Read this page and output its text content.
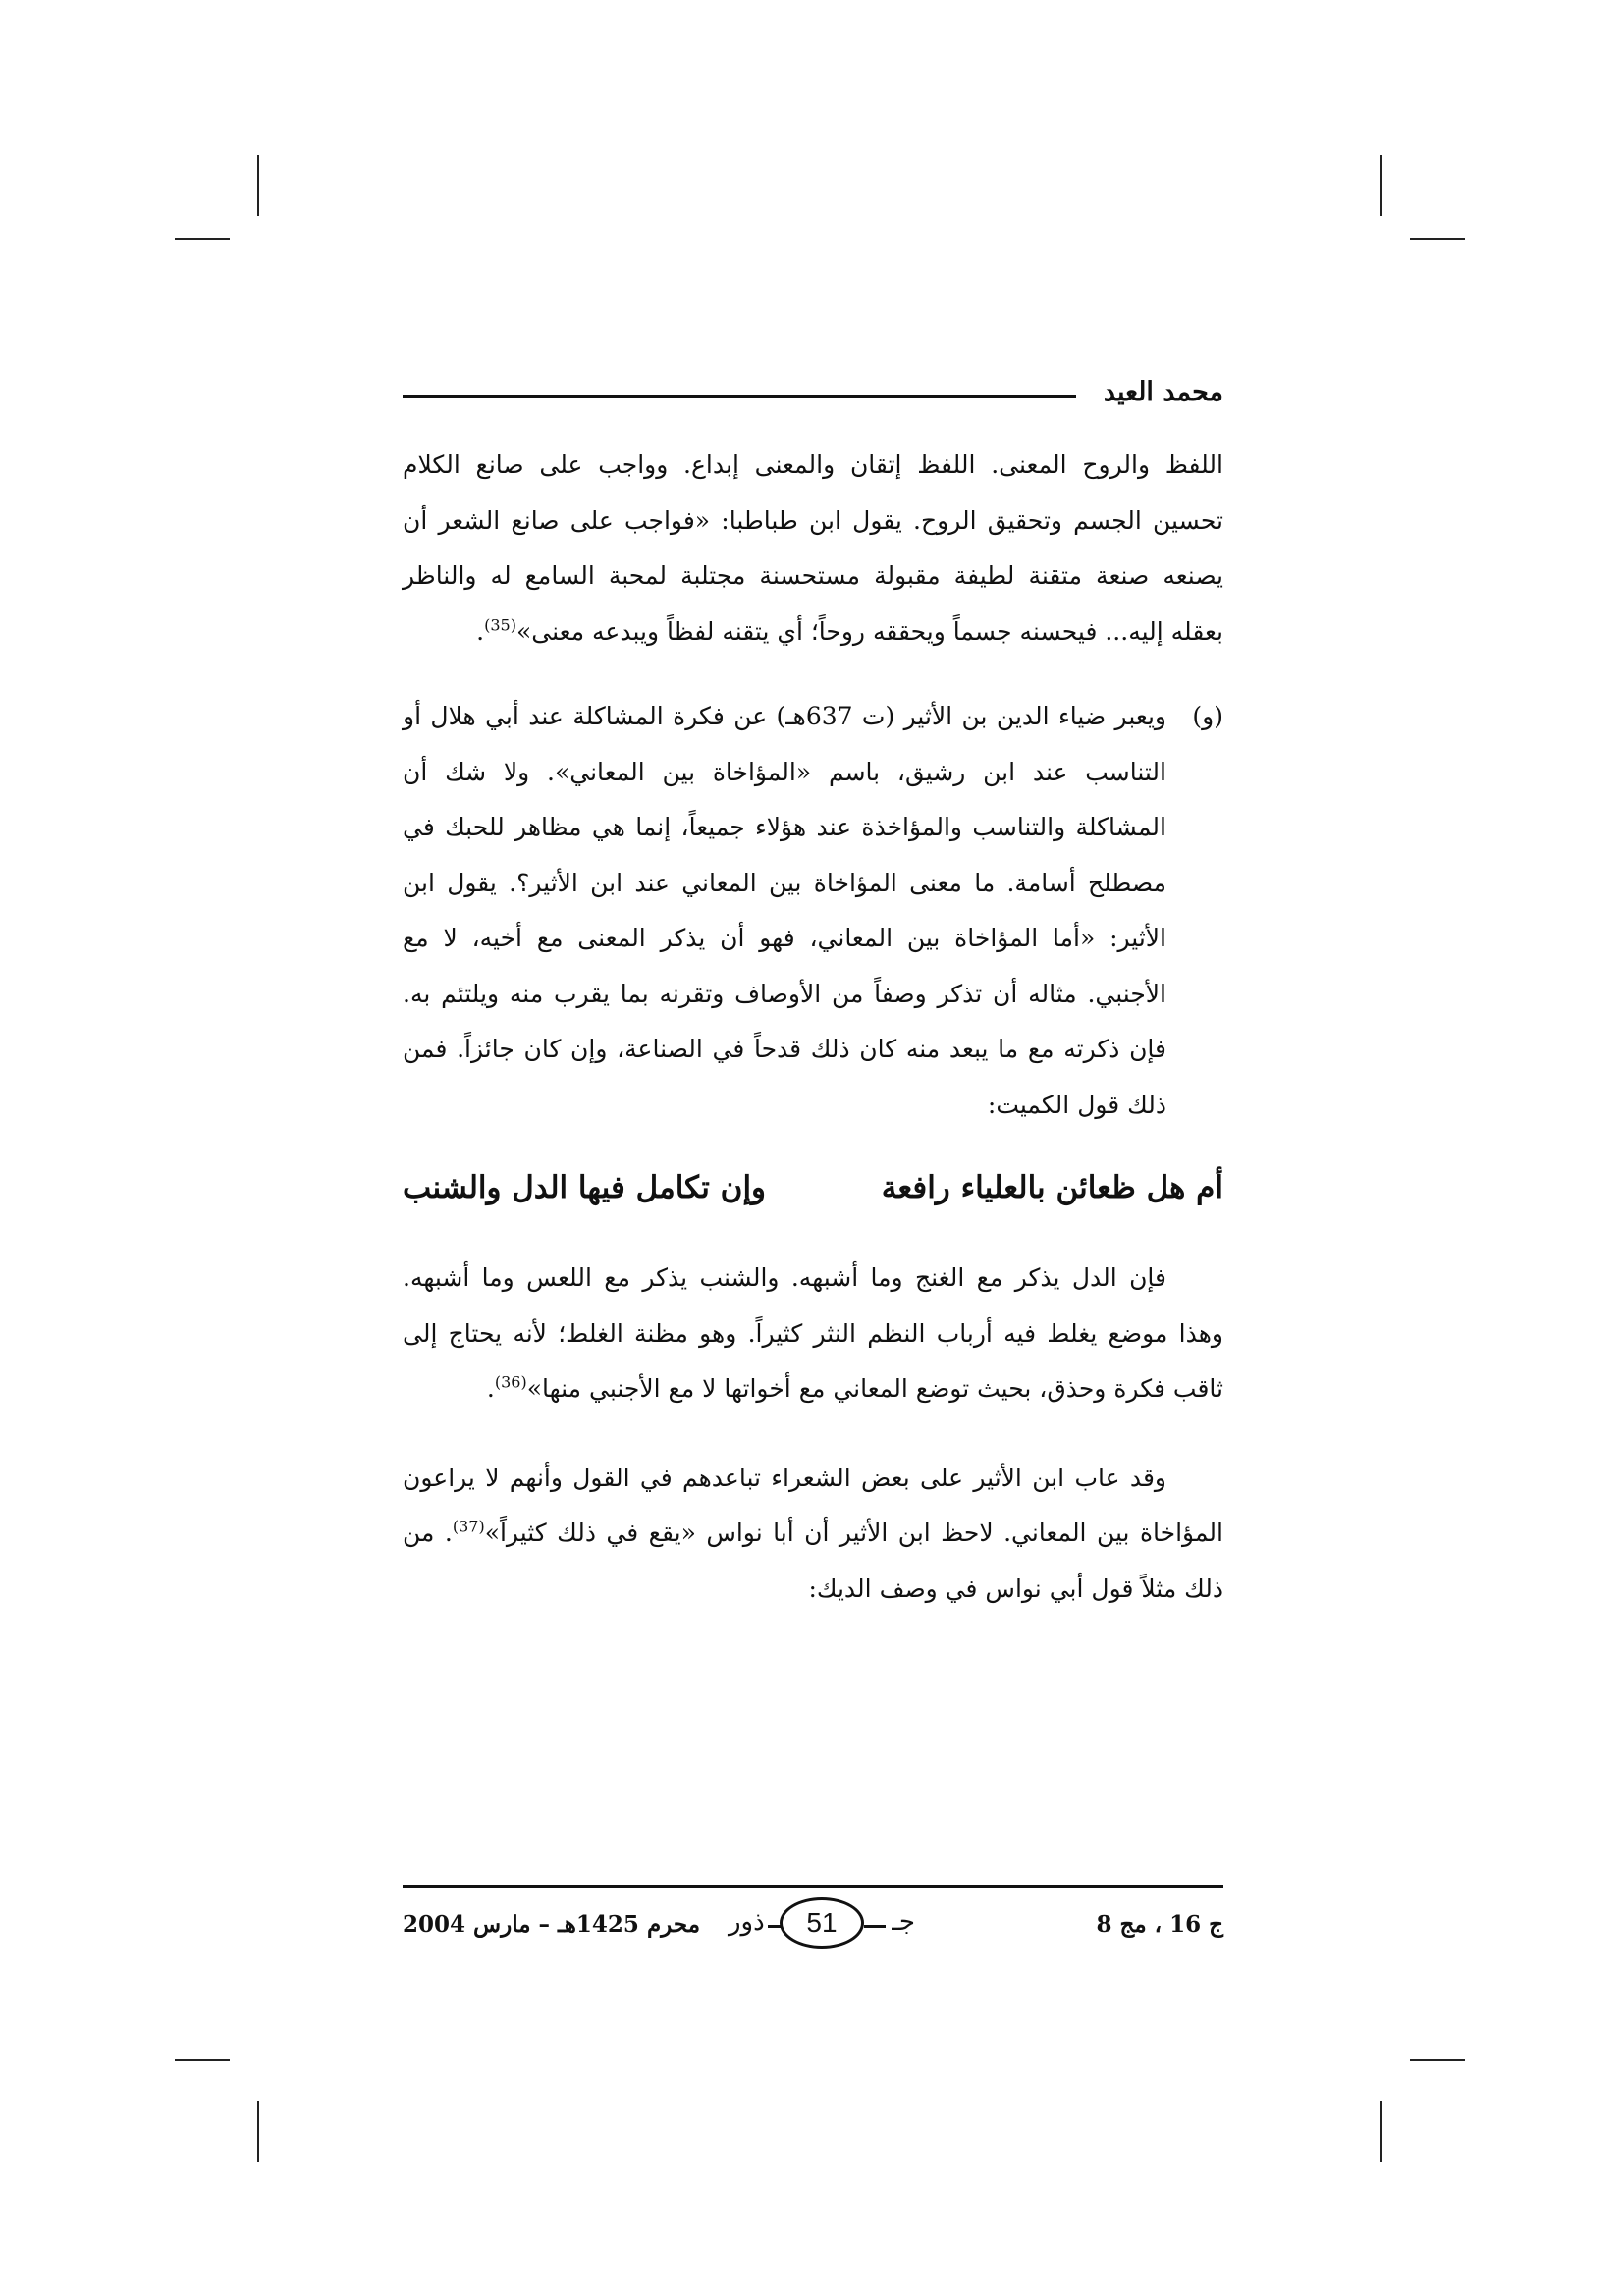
محمد العيد

اللفظ والروح المعنى. اللفظ إتقان والمعنى إبداع. وواجب على صانع الكلام تحسين الجسم وتحقيق الروح. يقول ابن طباطبا: «فواجب على صانع الشعر أن يصنعه صنعة متقنة لطيفة مقبولة مستحسنة مجتلبة لمحبة السامع له والناظر بعقله إليه... فيحسنه جسماً ويحققه روحاً؛ أي يتقنه لفظاً ويبدعه معنى»$^{(35)}$.

(و)

ويعبر ضياء الدين بن الأثير (ت 637هـ) عن فكرة المشاكلة عند أبي هلال أو التناسب عند ابن رشيق، باسم «المؤاخاة بين المعاني». ولا شك أن المشاكلة والتناسب والمؤاخذة عند هؤلاء جميعاً، إنما هي مظاهر للحبك في مصطلح أسامة. ما معنى المؤاخاة بين المعاني عند ابن الأثير؟. يقول ابن الأثير: «أما المؤاخاة بين المعاني، فهو أن يذكر المعنى مع أخيه، لا مع الأجنبي. مثاله أن تذكر وصفاً من الأوصاف وتقرنه بما يقرب منه ويلتئم به. فإن ذكرته مع ما يبعد منه كان ذلك قدحاً في الصناعة، وإن كان جائزاً. فمن ذلك قول الكميت:

أم هل ظعائن بالعلياء رافعة
وإن تكامل فيها الدل والشنب

فإن الدل يذكر مع الغنج وما أشبهه. والشنب يذكر مع اللعس وما أشبهه. وهذا موضع يغلط فيه أرباب النظم النثر كثيراً. وهو مظنة الغلط؛ لأنه يحتاج إلى ثاقب فكرة وحذق، بحيث توضع المعاني مع أخواتها لا مع الأجنبي منها»$^{(36)}$.

وقد عاب ابن الأثير على بعض الشعراء تباعدهم في القول وأنهم لا يراعون المؤاخاة بين المعاني. لاحظ ابن الأثير أن أبا نواس «يقع في ذلك كثيراً»$^{(37)}$. من ذلك مثلاً قول أبي نواس في وصف الديك:

ج 16 ، مج 8
جـ
51
ذور
محرم 1425هـ – مارس 2004
